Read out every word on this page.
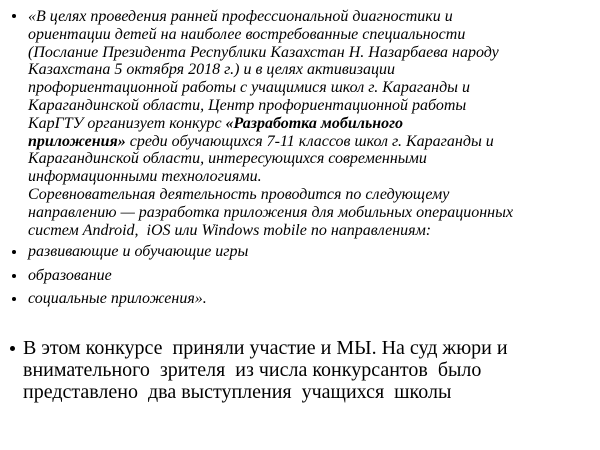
«В целях проведения ранней профессиональной диагностики и
ориентации детей на наиболее востребованные специальности
(Послание Президента Республики Казахстан Н. Назарбаева народу
Казахстана 5 октября 2018 г.) и в целях активизации
профориентационной работы с учащимися школ г. Караганды и
Карагандинской области, Центр профориентационной работы
КарГТУ организует конкурс «Разработка мобильного
приложения» среди обучающихся 7-11 классов школ г. Караганды и
Карагандинской области, интересующихся современными
информационными технологиями.
Соревновательная деятельность проводится по следующему
направлению — разработка приложения для мобильных операционных
систем Android,  iOS или Windows mobile по направлениям:
развивающие и обучающие игры
образование
социальные приложения».
В этом конкурсе  приняли участие и МЫ. На суд жюри и
внимательного  зрителя  из числа конкурсантов  было
представлено  два выступления  учащихся  школы
